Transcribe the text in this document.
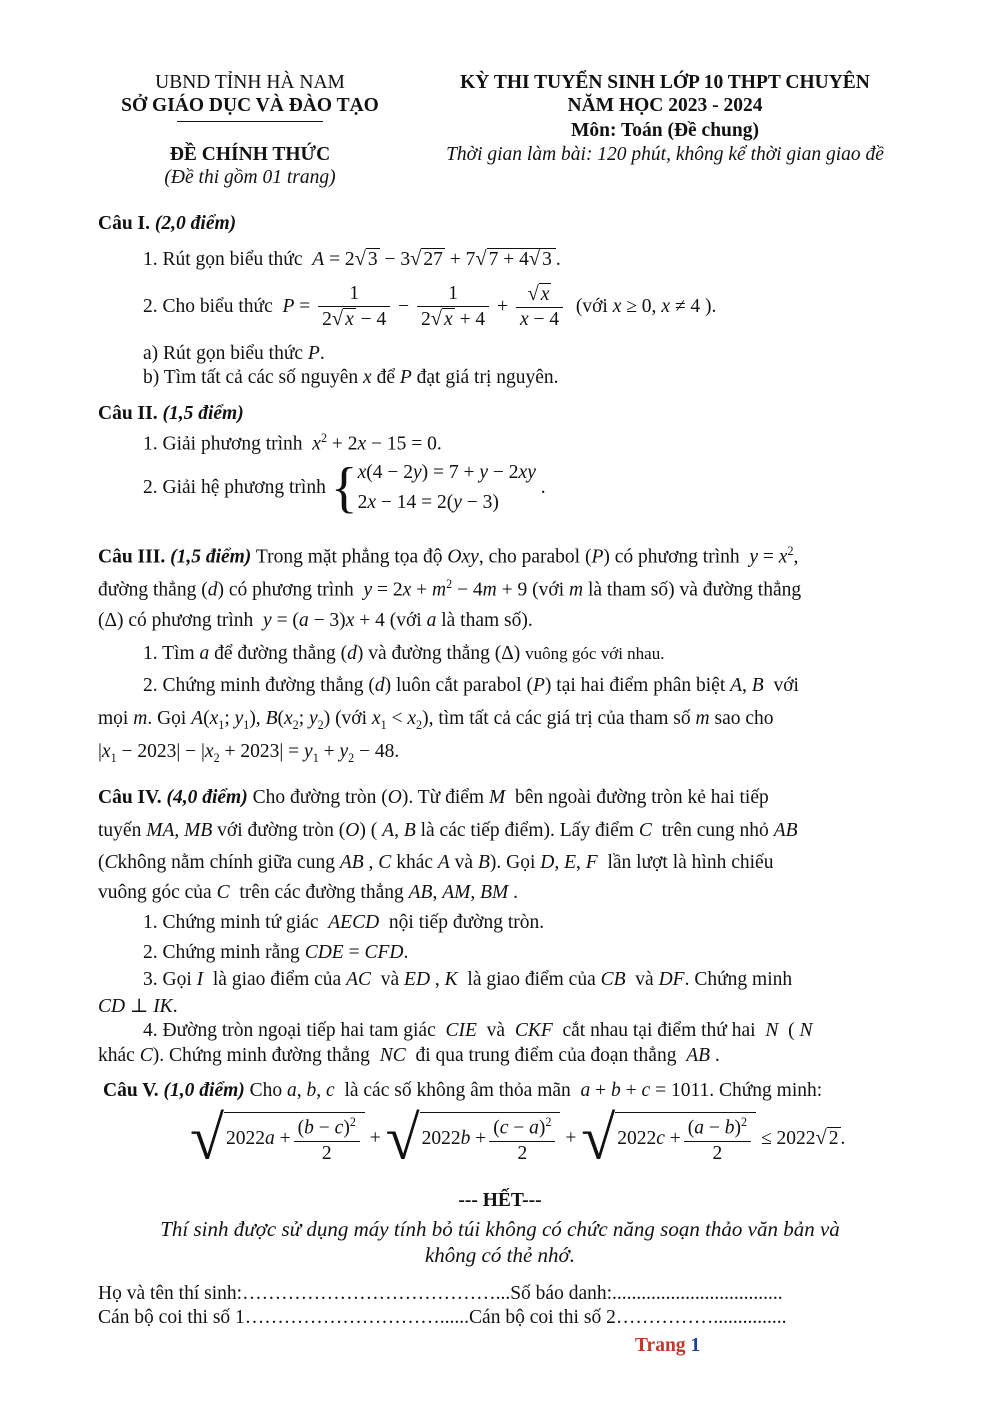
UBND TỈNH HÀ NAM
SỞ GIÁO DỤC VÀ ĐÀO TẠO
ĐỀ CHÍNH THỨC
(Đề thi gồm 01 trang)
KỲ THI TUYỂN SINH LỚP 10 THPT CHUYÊN
NĂM HỌC 2023 - 2024
Môn: Toán (Đề chung)
Thời gian làm bài: 120 phút, không kể thời gian giao đề
Câu I. (2,0 điểm)
1. Rút gọn biểu thức A = 2√ 3 − 3√ 27 + 7√ 7 + 4√ 3 .
2. Cho biểu thức $P = \frac{1}{2√ x - 4} - \frac{1}{2√ x + 4} + \frac{√ x}{x - 4}$ (với x ≥ 0, x ≠ 4 ).
a) Rút gọn biểu thức P.
b) Tìm tất cả các số nguyên x để P đạt giá trị nguyên.
Câu II. (1,5 điểm)
1. Giải phương trình $x^2 + 2x - 15 = 0$.
2. Giải hệ phương trình { x(4 − 2y) = 7 + y − 2xy
2x − 14 = 2(y − 3)
.
Câu III. (1,5 điểm) Trong mặt phẳng tọa độ Oxy, cho parabol (P) có phương trình $y = x^2$,
đường thẳng (d) có phương trình $y = 2x + m^2 - 4m + 9$ (với m là tham số) và đường thẳng
(Δ) có phương trình y = (a − 3)x + 4 (với a là tham số).
1. Tìm a để đường thẳng (d) và đường thẳng (Δ) vuông góc với nhau.
2. Chứng minh đường thẳng (d) luôn cắt parabol (P) tại hai điểm phân biệt A, B với
mọi m. Gọi $A(x_1$; $y_1$), $B(x_2$; $y_2$) (với $x_1 < x_2$), tìm tất cả các giá trị của tham số m sao cho
$|x_1 - 2023| - |x_2 + 2023| = y_1 + y_2 - 48$.
Câu IV. (4,0 điểm) Cho đường tròn (O). Từ điểm M bên ngoài đường tròn kẻ hai tiếp
tuyến MA, MB với đường tròn (O) ( A, B là các tiếp điểm). Lấy điểm C trên cung nhỏ AB
(Ckhông nằm chính giữa cung AB , C khác A và B). Gọi D, E, F lần lượt là hình chiếu
vuông góc của C trên các đường thẳng AB, AM, BM .
1. Chứng minh tứ giác AECD nội tiếp đường tròn.
2. Chứng minh rằng CDE = CFD.
3. Gọi I là giao điểm của AC và ED , K là giao điểm của CB và DF. Chứng minh
CD ⊥ IK.
4. Đường tròn ngoại tiếp hai tam giác CIE và CKF cắt nhau tại điểm thứ hai N  ( N
khác C). Chứng minh đường thẳng NC đi qua trung điểm của đoạn thẳng AB .
Câu V. (1,0 điểm) Cho a, b, c là các số không âm thỏa mãn a + b + c = 1011. Chứng minh:
√ $2022a + \frac{(b - c)^2}{2}$ + √ $2022b + \frac{(c - a)^2}{2}$ + √ $2022c + \frac{(a - b)^2}{2} \le 2022√$ 2 .
--- HẾT---
Thí sinh được sử dụng máy tính bỏ túi không có chức năng soạn thảo văn bản và
không có thẻ nhớ.
Họ và tên thí sinh:…………………………………...Số báo danh:...................................
Cán bộ coi thi số 1…………………………......Cán bộ coi thi số 2……………...............
Trang 1
